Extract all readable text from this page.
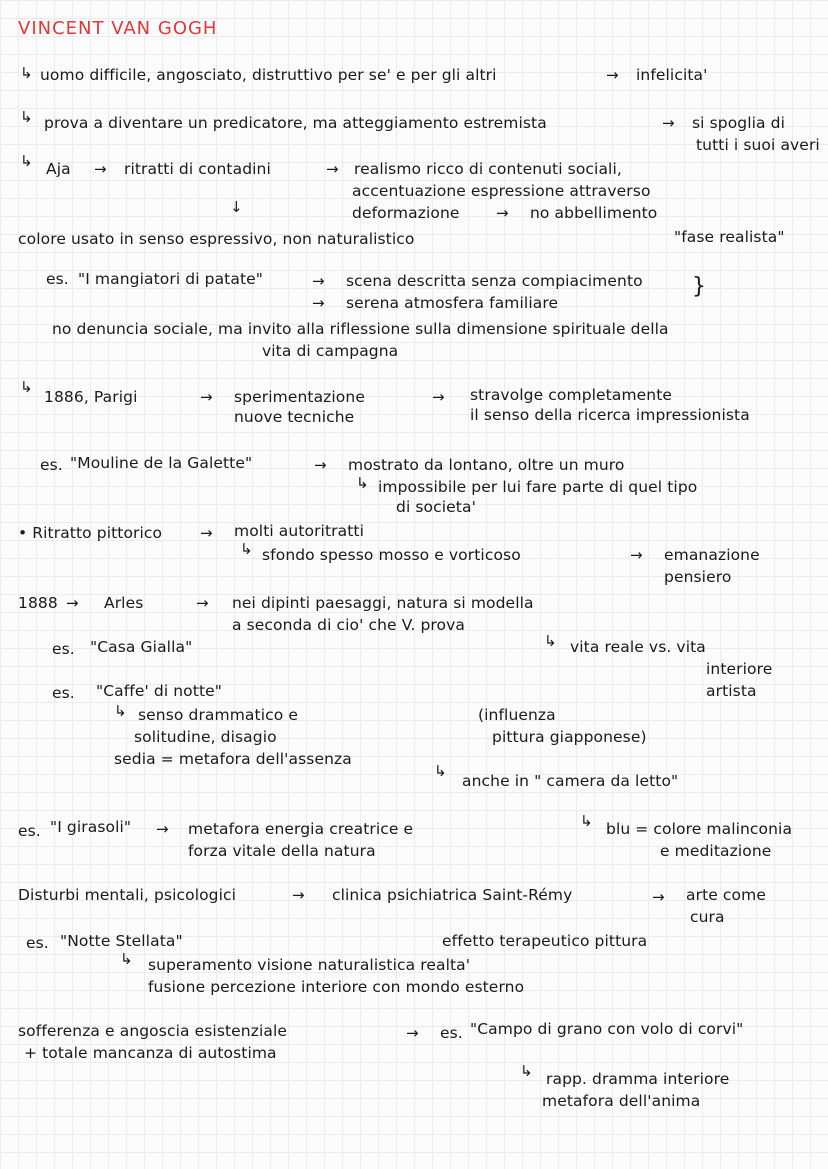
VINCENT VAN GOGH
↳ uomo difficile, angosciato, distruttivo per se' e per gli altri	→ infelicita'
↳ prova a diventare un predicatore, ma atteggiamento estremista	→ si spoglia di
tutti i suoi averi
↳ Aja → ritratti di contadini	→ realismo ricco di contenuti sociali,
accentuazione espressione attraverso
deformazione → no abbellimento
↓
colore usato in senso espressivo, non naturalistico	"fase realista"
es. "I mangiatori di patate"	→ scena descritta senza compiacimento
→ serena atmosfera familiare
}
no denuncia sociale, ma invito alla riflessione sulla dimensione spirituale della
vita di campagna
↳
1886, Parigi	→ sperimentazione
nuove tecniche
→ stravolge completamente
il senso della ricerca impressionista
es. "Mouline de la Galette"	→ mostrato da lontano, oltre un muro
↳ impossibile per lui fare parte di quel tipo
di societa'
• Ritratto pittorico	→ molti autoritratti
↳ sfondo spesso mosso e vorticoso	→ emanazione
pensiero
1888 → Arles	→ nei dipinti paesaggi, natura si modella
a seconda di cio' che V. prova
↳ vita reale vs. vita
interiore
artista
es. "Casa Gialla"
es. "Caffe' di notte"
↳ senso drammatico e
solitudine, disagio
sedia = metafora dell'assenza
(influenza
pittura giapponese)
↳
anche in " camera da letto"
es. "I girasoli" → metafora energia creatrice e
forza vitale della natura
↳ blu = colore malinconia
e meditazione
Disturbi mentali, psicologici	→ clinica psichiatrica Saint-Rémy	→ arte come
cura
es. "Notte Stellata"	effetto terapeutico pittura
↳ superamento visione naturalistica realta'
fusione percezione interiore con mondo esterno
sofferenza e angoscia esistenziale
+ totale mancanza di autostima
→ es. "Campo di grano con volo di corvi"
↳ rapp. dramma interiore
metafora dell'anima
